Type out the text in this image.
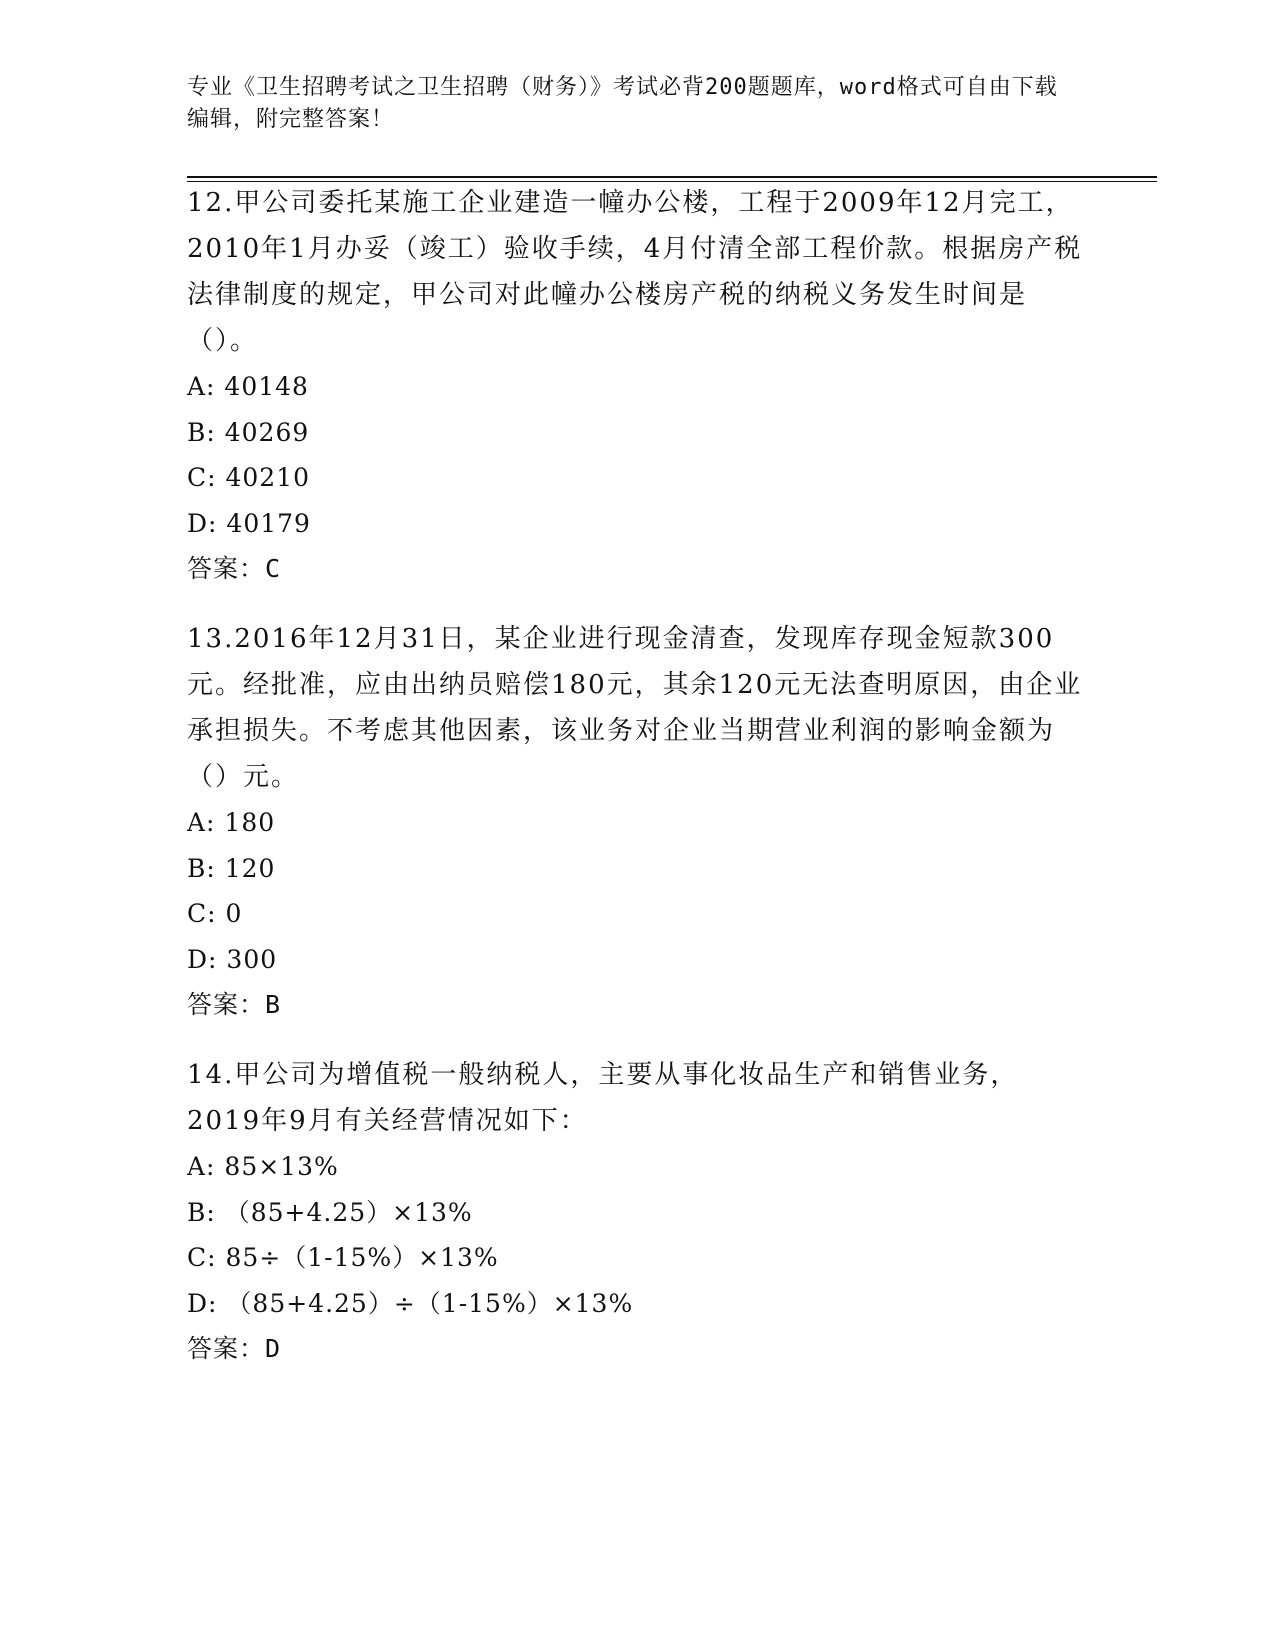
专业《卫生招聘考试之卫生招聘（财务）》考试必背200题题库，word格式可自由下载编辑，附完整答案！

12.甲公司委托某施工企业建造一幢办公楼，工程于2009年12月完工，2010年1月办妥（竣工）验收手续，4月付清全部工程价款。根据房产税法律制度的规定，甲公司对此幢办公楼房产税的纳税义务发生时间是（）。

A: 40148

B: 40269

C: 40210

D: 40179

答案：C

13.2016年12月31日，某企业进行现金清查，发现库存现金短款300元。经批准，应由出纳员赔偿180元，其余120元无法查明原因，由企业承担损失。不考虑其他因素，该业务对企业当期营业利润的影响金额为（）元。

A: 180

B: 120

C: 0

D: 300

答案：B

14.甲公司为增值税一般纳税人，主要从事化妆品生产和销售业务，2019年9月有关经营情况如下：

A: 85×13%

B: （85+4.25）×13%

C: 85÷（1-15%）×13%

D: （85+4.25）÷（1-15%）×13%

答案：D
